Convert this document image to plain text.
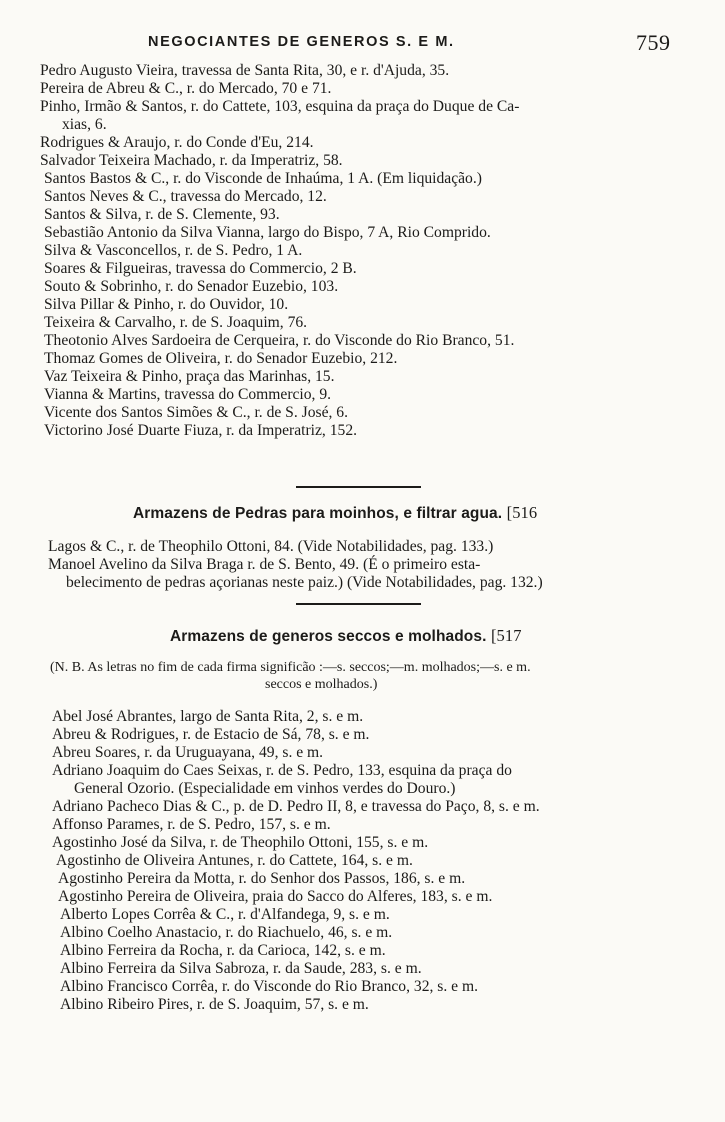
NEGOCIANTES DE GENEROS S. E M.	759
Pedro Augusto Vieira, travessa de Santa Rita, 30, e r. d'Ajuda, 35.
Pereira de Abreu & C., r. do Mercado, 70 e 71.
Pinho, Irmão & Santos, r. do Cattete, 103, esquina da praça do Duque de Ca-
xias, 6.
Rodrigues & Araujo, r. do Conde d'Eu, 214.
Salvador Teixeira Machado, r. da Imperatriz, 58.
Santos Bastos & C., r. do Visconde de Inhaúma, 1 A. (Em liquidação.)
Santos Neves & C., travessa do Mercado, 12.
Santos & Silva, r. de S. Clemente, 93.
Sebastião Antonio da Silva Vianna, largo do Bispo, 7 A, Rio Comprido.
Silva & Vasconcellos, r. de S. Pedro, 1 A.
Soares & Filgueiras, travessa do Commercio, 2 B.
Souto & Sobrinho, r. do Senador Euzebio, 103.
Silva Pillar & Pinho, r. do Ouvidor, 10.
Teixeira & Carvalho, r. de S. Joaquim, 76.
Theotonio Alves Sardoeira de Cerqueira, r. do Visconde do Rio Branco, 51.
Thomaz Gomes de Oliveira, r. do Senador Euzebio, 212.
Vaz Teixeira & Pinho, praça das Marinhas, 15.
Vianna & Martins, travessa do Commercio, 9.
Vicente dos Santos Simões & C., r. de S. José, 6.
Victorino José Duarte Fiuza, r. da Imperatriz, 152.
Armazens de Pedras para moinhos, e filtrar agua. [516
Lagos & C., r. de Theophilo Ottoni, 84. (Vide Notabilidades, pag. 133.)
Manoel Avelino da Silva Braga r. de S. Bento, 49. (É o primeiro esta-
belecimento de pedras açorianas neste paiz.) (Vide Notabilidades, pag. 132.)
Armazens de generos seccos e molhados. [517
(N. B. As letras no fim de cada firma significão :—s. seccos;—m. molhados;—s. e m.
seccos e molhados.)
Abel José Abrantes, largo de Santa Rita, 2, s. e m.
Abreu & Rodrigues, r. de Estacio de Sá, 78, s. e m.
Abreu Soares, r. da Uruguayana, 49, s. e m.
Adriano Joaquim do Caes Seixas, r. de S. Pedro, 133, esquina da praça do
General Ozorio. (Especialidade em vinhos verdes do Douro.)
Adriano Pacheco Dias & C., p. de D. Pedro II, 8, e travessa do Paço, 8, s. e m.
Affonso Parames, r. de S. Pedro, 157, s. e m.
Agostinho José da Silva, r. de Theophilo Ottoni, 155, s. e m.
Agostinho de Oliveira Antunes, r. do Cattete, 164, s. e m.
Agostinho Pereira da Motta, r. do Senhor dos Passos, 186, s. e m.
Agostinho Pereira de Oliveira, praia do Sacco do Alferes, 183, s. e m.
Alberto Lopes Corrêa & C., r. d'Alfandega, 9, s. e m.
Albino Coelho Anastacio, r. do Riachuelo, 46, s. e m.
Albino Ferreira da Rocha, r. da Carioca, 142, s. e m.
Albino Ferreira da Silva Sabroza, r. da Saude, 283, s. e m.
Albino Francisco Corrêa, r. do Visconde do Rio Branco, 32, s. e m.
Albino Ribeiro Pires, r. de S. Joaquim, 57, s. e m.
